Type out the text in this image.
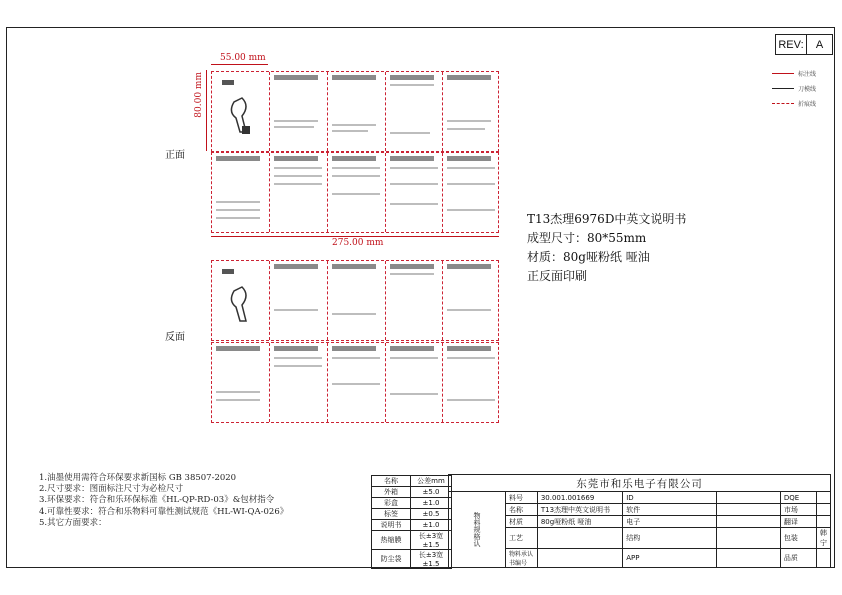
REV:	A
标注线
刀模线
折痕线
55.00 mm
80.00 mm
275.00 mm
正面
反面
T13杰理6976D中英文说明书
成型尺寸：80*55mm
材质：80g哑粉纸 哑油
正反面印刷
1.油墨使用需符合环保要求新国标 GB 38507-2020
2.尺寸要求：图面标注尺寸为必检尺寸
3.环保要求：符合和乐环保标准《HL-QP-RD-03》&包材指令
4.可靠性要求：符合和乐物料可靠性测试规范《HL-WI-QA-026》
5.其它方面要求：
名称	公差mm
外箱	±5.0
彩盒	±1.0
标签	±0.5
说明书	±1.0
热缩膜	长±3宽±1.5
防尘袋	长±3宽±1.5
东莞市和乐电子有限公司						
物料规格认	料号	30.001.001669	ID		DQE	
	名称	T13杰理中英文说明书	软件		市场	
	材质	80g哑粉纸 哑油	电子		翻译	
	工艺		结构		包装	韩宁
	物料承认书编号		APP		品质	
